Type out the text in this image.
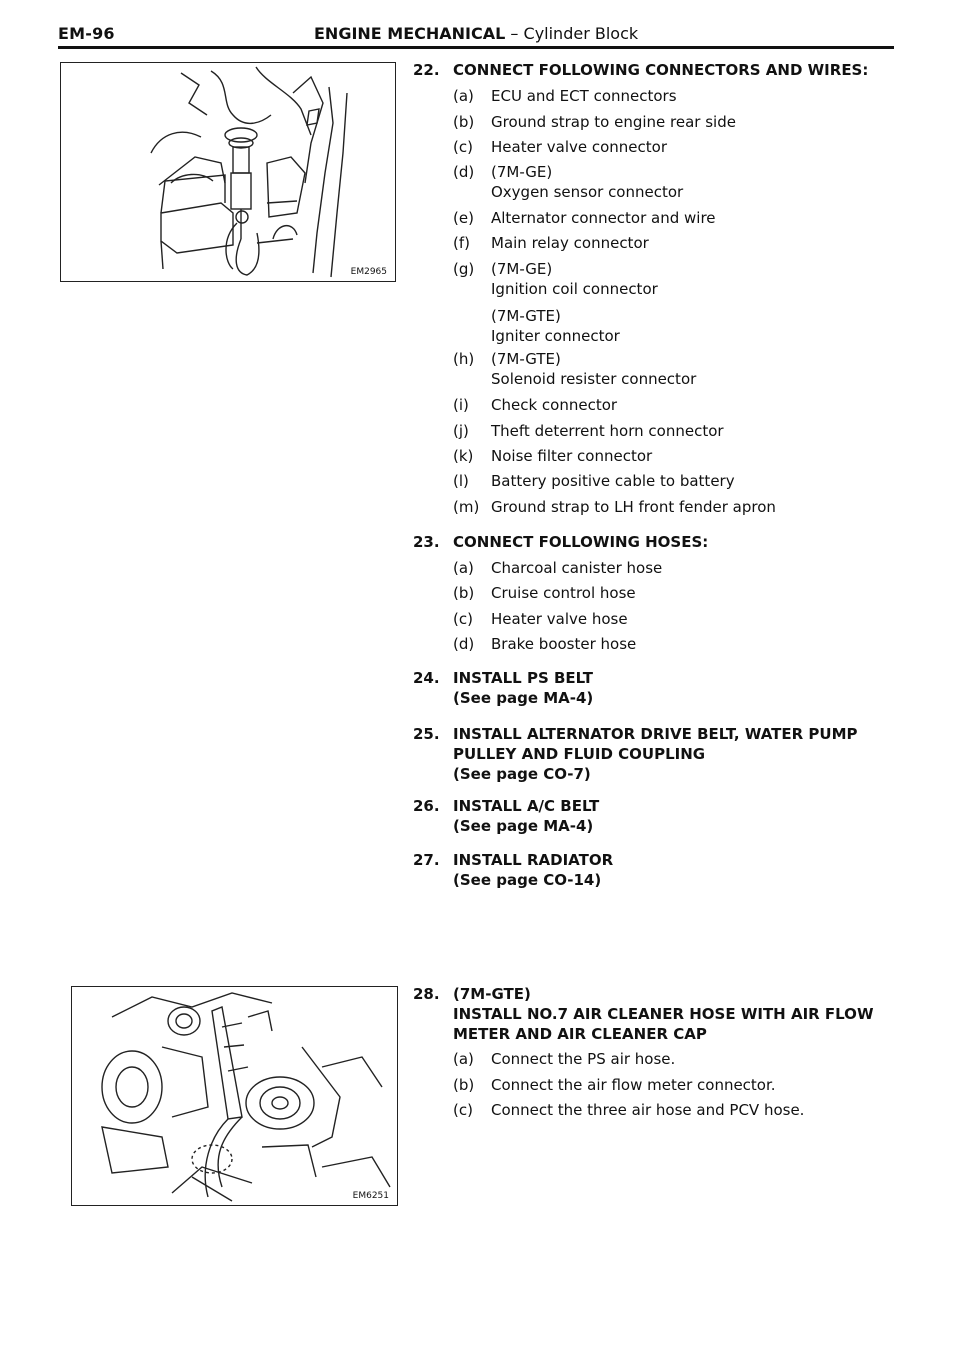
EM-96	ENGINE MECHANICAL – Cylinder Block
EM2965
EM6251
22. CONNECT FOLLOWING CONNECTORS AND WIRES:
(a)	ECU and ECT connectors
(b)	Ground strap to engine rear side
(c)	Heater valve connector
(d)	(7M-GE)
Oxygen sensor connector
(e)	Alternator connector and wire
(f)	Main relay connector
(g)	(7M-GE)
Ignition coil connector
(7M-GTE)
Igniter connector
(h)	(7M-GTE)
Solenoid resister connector
(i)	Check connector
(j)	Theft deterrent horn connector
(k)	Noise filter connector
(l)	Battery positive cable to battery
(m) Ground strap to LH front fender apron
23. CONNECT FOLLOWING HOSES:
(a)	Charcoal canister hose
(b)	Cruise control hose
(c)	Heater valve hose
(d)	Brake booster hose
24. INSTALL PS BELT
(See page MA-4)
25. INSTALL ALTERNATOR DRIVE BELT, WATER PUMP
PULLEY AND FLUID COUPLING
(See page CO-7)
26. INSTALL A/C BELT
(See page MA-4)
27. INSTALL RADIATOR
(See page CO-14)
28. (7M-GTE)
INSTALL NO.7 AIR CLEANER HOSE WITH AIR FLOW
METER AND AIR CLEANER CAP
(a)	Connect the PS air hose.
(b)	Connect the air flow meter connector.
(c)	Connect the three air hose and PCV hose.
